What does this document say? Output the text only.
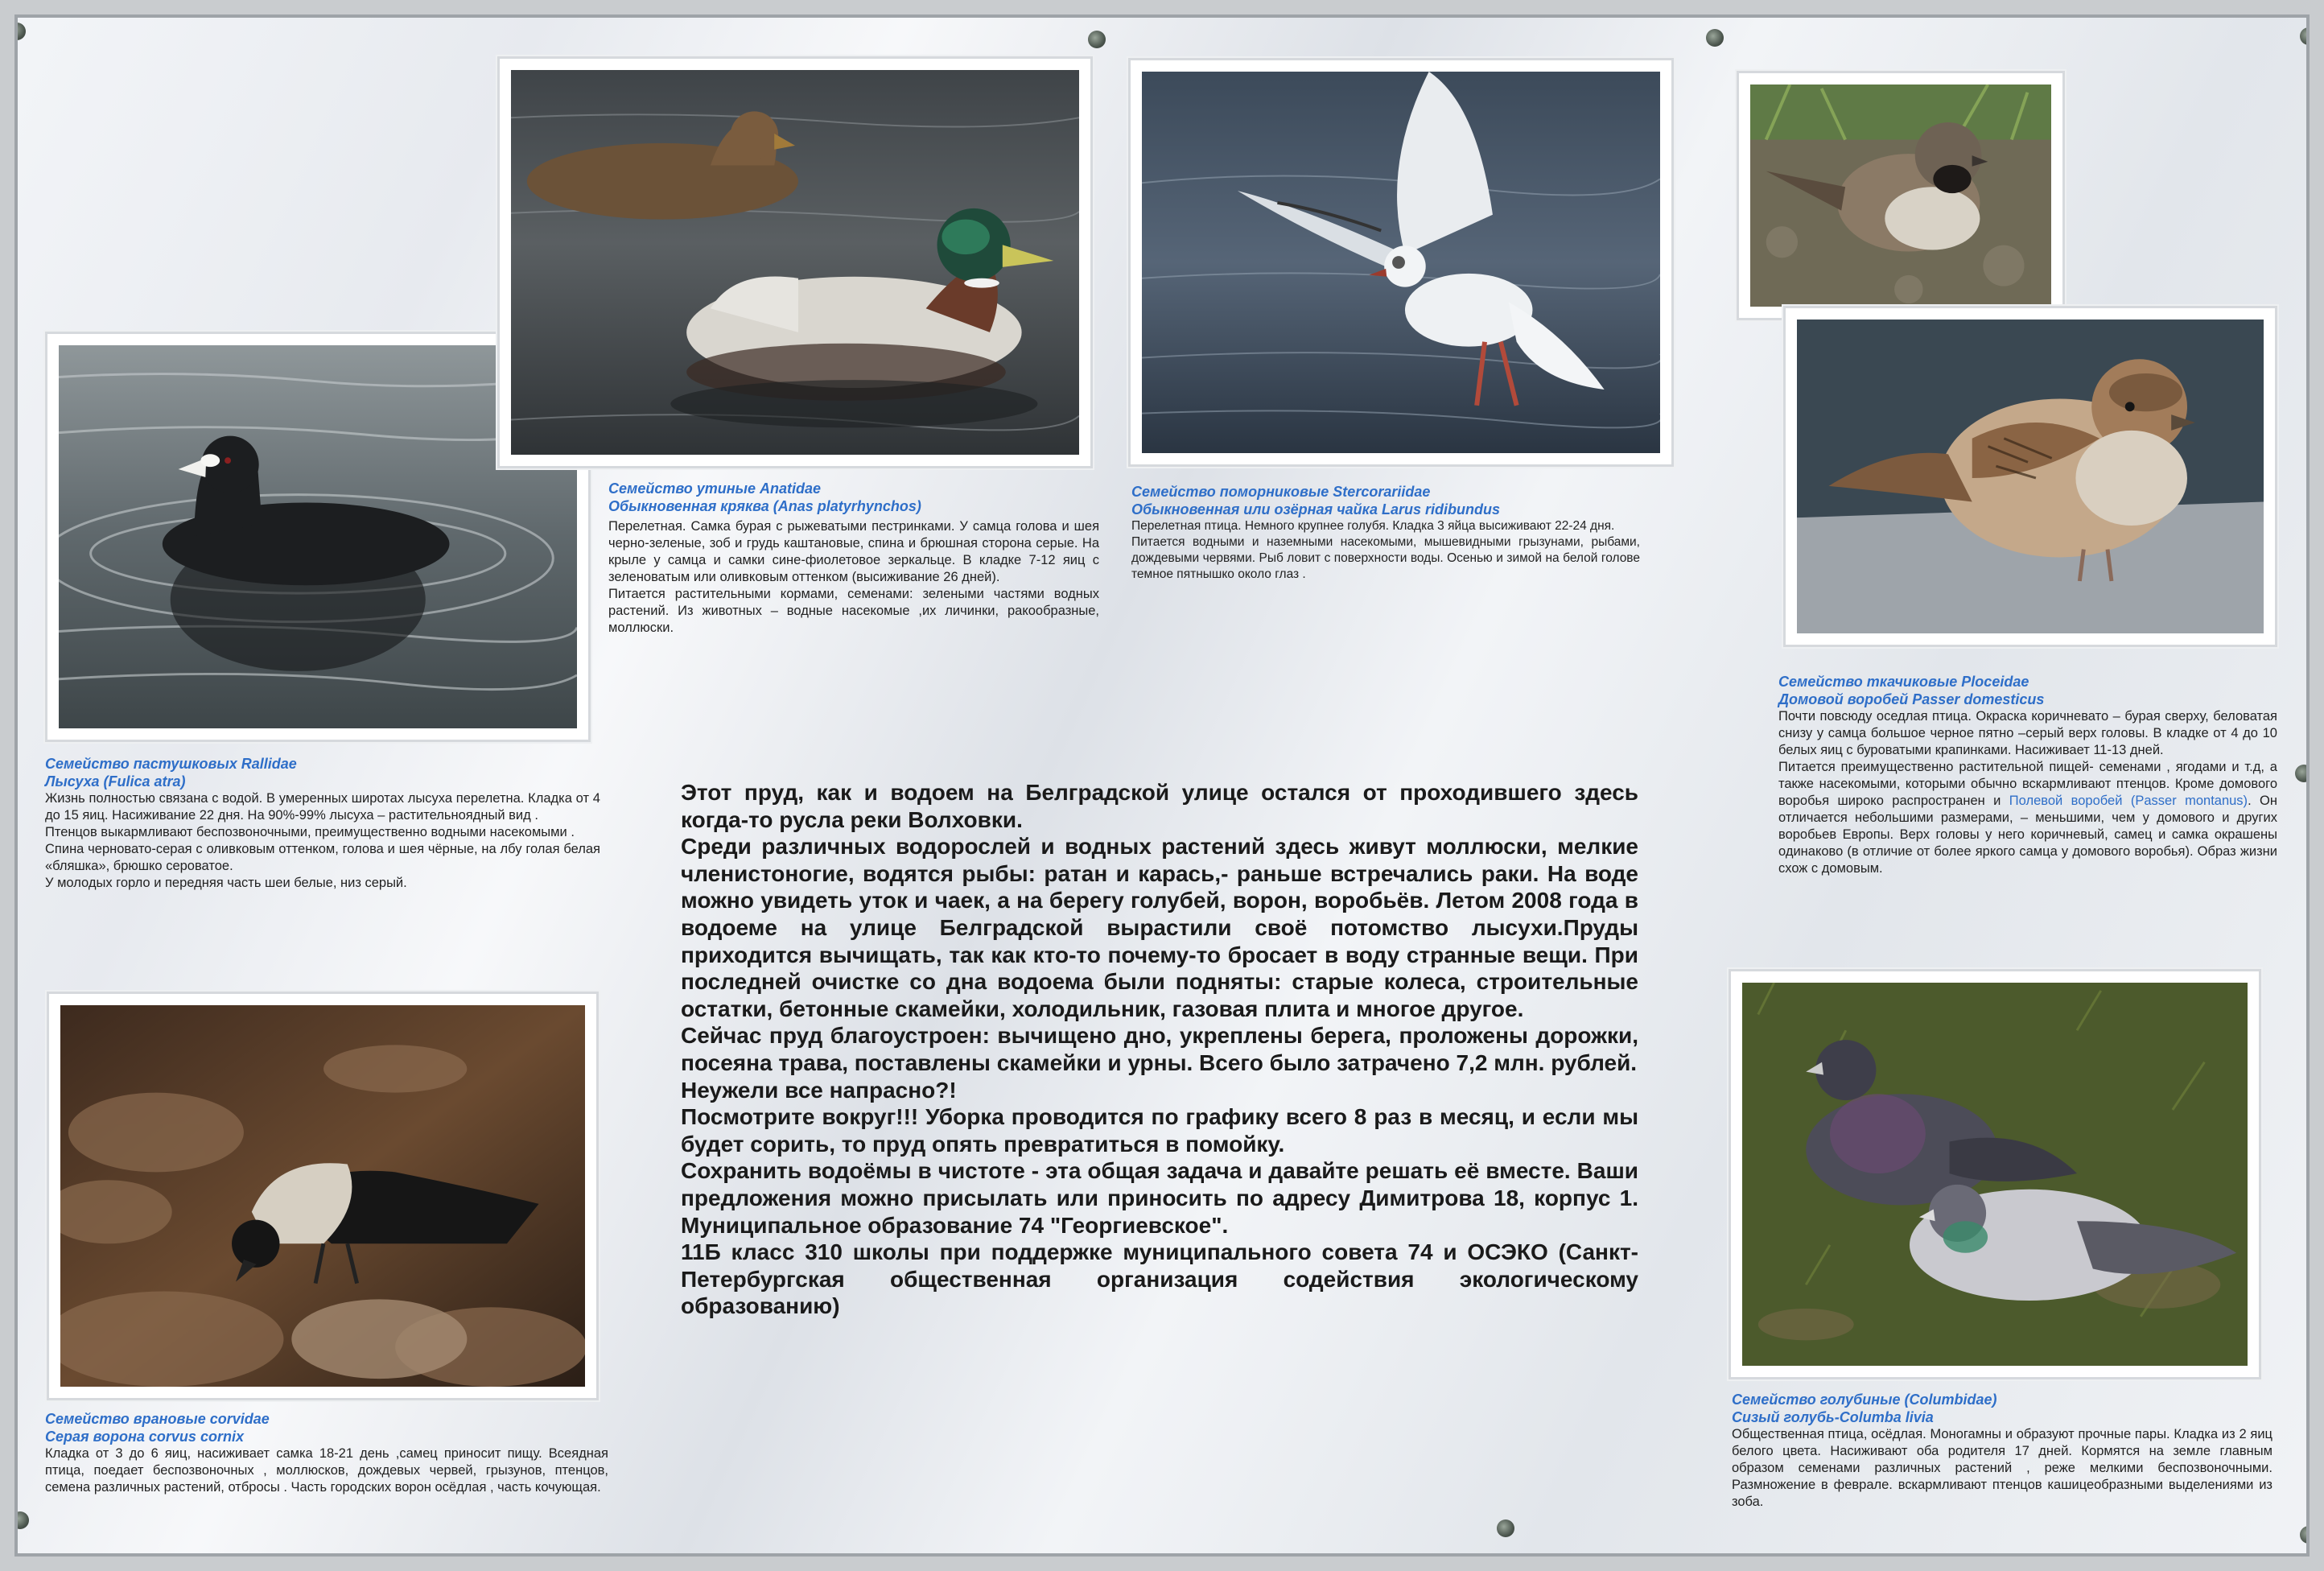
Семейство пастушковых Rallidae
Лысуха (Fulica atra)

Жизнь полностью связана с водой. В умеренных широтах лысуха перелетна. Кладка от 4 до 15 яиц. Насиживание 22 дня. На 90%-99% лысуха – растительноядный вид .

Птенцов выкармливают беспозвоночными, преимущественно водными насекомыми .

Спина черновато-серая с оливковым оттенком, голова и шея чёрные, на лбу голая белая «бляшка», брюшко сероватое.

У молодых горло и передняя часть шеи белые, низ серый.

Семейство утиные Anatidae
Обыкновенная кряква (Anas platyrhynchos)

Перелетная. Самка бурая с рыжеватыми пестринками. У самца голова и шея черно-зеленые, зоб и грудь каштановые, спина и брюшная сторона серые. На крыле у самца и самки сине-фиолетовое зеркальце. В кладке 7-12 яиц с зеленоватым или оливковым оттенком (высиживание 26 дней).

Питается растительными кормами, семенами: зелеными частями водных растений. Из животных – водные насекомые ,их личинки, ракообразные, моллюски.

Семейство поморниковые Stercorariidae
Обыкновенная или озёрная чайка Larus ridibundus

Перелетная птица. Немного крупнее голубя. Кладка 3 яйца высиживают 22-24 дня.

Питается водными и наземными насекомыми, мышевидными грызунами, рыбами, дождевыми червями. Рыб ловит с поверхности воды. Осенью и зимой на белой голове темное пятнышко около глаз .

Семейство ткачиковые Ploceidae
Домовой воробей Passer domesticus

Почти повсюду оседлая птица. Окраска коричневато – бурая сверху, беловатая снизу у самца большое черное пятно –серый верх головы. В кладке от 4 до 10 белых яиц с буроватыми крапинками. Насиживает 11-13 дней.

Питается преимущественно растительной пищей- семенами , ягодами и т.д, а также насекомыми, которыми обычно вскармливают птенцов. Кроме домового воробья широко распространен и Полевой воробей (Passer montanus). Он отличается небольшими размерами, – меньшими, чем у домового и других воробьев Европы. Верх головы у него коричневый, самец и самка окрашены одинаково (в отличие от более яркого самца у домового воробья). Образ жизни схож с домовым.

Семейство врановые corvidae
Серая ворона corvus cornix

Кладка от 3 до 6 яиц, насиживает самка 18-21 день ,самец приносит пищу. Всеядная птица, поедает беспозвоночных , моллюсков, дождевых червей, грызунов, птенцов, семена различных растений, отбросы . Часть городских ворон осёдлая , часть кочующая.

Семейство голубиные (Columbidae)
Сизый голубь-Columba livia

Общественная птица, осёдлая. Моногамны и образуют прочные пары. Кладка из 2 яиц белого цвета. Насиживают оба родителя 17 дней. Кормятся на земле главным образом семенами различных растений , реже мелкими беспозвоночными. Размножение в феврале. вскармливают птенцов кашицеобразными выделениями из зоба.

Этот пруд, как и водоем на Белградской улице остался от проходившего здесь когда-то русла реки Волховки.

Среди различных водорослей и водных растений здесь живут моллюски, мелкие членистоногие, водятся рыбы: ратан и карась,- раньше встречались раки. На воде можно увидеть уток и чаек, а на берегу голубей, ворон, воробьёв. Летом 2008 года в водоеме на улице Белградской вырастили своё потомство лысухи.Пруды приходится вычищать, так как кто-то почему-то бросает в воду странные вещи. При последней очистке со дна водоема были подняты: старые колеса, строительные остатки, бетонные скамейки, холодильник, газовая плита и многое другое.

Сейчас пруд благоустроен: вычищено дно, укреплены берега, проложены дорожки, посеяна трава, поставлены скамейки и урны. Всего было затрачено 7,2 млн. рублей.

Неужели все напрасно?!

Посмотрите вокруг!!! Уборка проводится по графику всего 8 раз в месяц, и если мы будет сорить, то пруд опять превратиться в помойку.

Сохранить водоёмы в чистоте - эта общая задача и давайте решать её вместе. Ваши предложения можно присылать или приносить по адресу Димитрова 18, корпус 1. Муниципальное образование 74 "Георгиевское".

11Б класс 310 школы при поддержке муниципального совета 74 и ОСЭКО (Санкт-Петербургская общественная организация содействия экологическому образованию)
